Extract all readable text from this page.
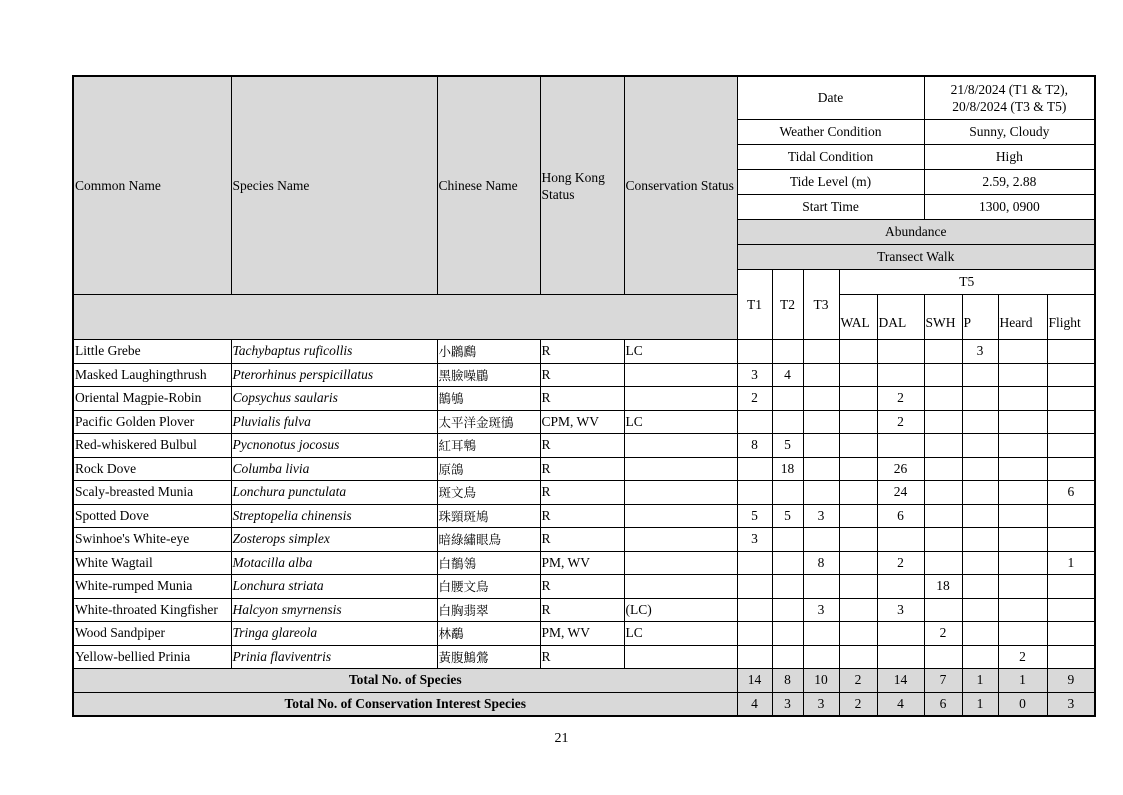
Common Name	Species Name	Chinese Name	Hong Kong Status	Conservation Status	Date					21/8/2024 (T1 & T2), 20/8/2024 (T3 & T5)			
					Weather Condition					Sunny, Cloudy			
					Tidal Condition					High			
					Tide Level (m)					2.59, 2.88			
					Start Time					1300, 0900			
					Abundance								
					Transect Walk								
					T1	T2	T3	T5					
								WAL	DAL	SWH	P	Heard	Flight
Little Grebe	Tachybaptus ruficollis	小鸊鷉	R	LC							3		
Masked Laughingthrush	Pterorhinus perspicillatus	黑臉噪鶥	R		3	4							
Oriental Magpie-Robin	Copsychus saularis	鵲鴝	R		2				2				
Pacific Golden Plover	Pluvialis fulva	太平洋金斑鴴	CPM, WV	LC					2				
Red-whiskered Bulbul	Pycnonotus jocosus	紅耳鵯	R		8	5							
Rock Dove	Columba livia	原鴿	R			18			26				
Scaly-breasted Munia	Lonchura punctulata	斑文鳥	R						24				6
Spotted Dove	Streptopelia chinensis	珠頸斑鳩	R		5	5	3		6				
Swinhoe's White-eye	Zosterops simplex	暗綠繡眼鳥	R		3								
White Wagtail	Motacilla alba	白鶺鴒	PM, WV				8		2				1
White-rumped Munia	Lonchura striata	白腰文鳥	R							18			
White-throated Kingfisher	Halcyon smyrnensis	白胸翡翠	R	(LC)			3		3				
Wood Sandpiper	Tringa glareola	林鷸	PM, WV	LC						2			
Yellow-bellied Prinia	Prinia flaviventris	黃腹鷦鶯	R									2	
Total No. of Species					14	8	10	2	14	7	1	1	9
Total No. of Conservation Interest Species					4	3	3	2	4	6	1	0	3
21
